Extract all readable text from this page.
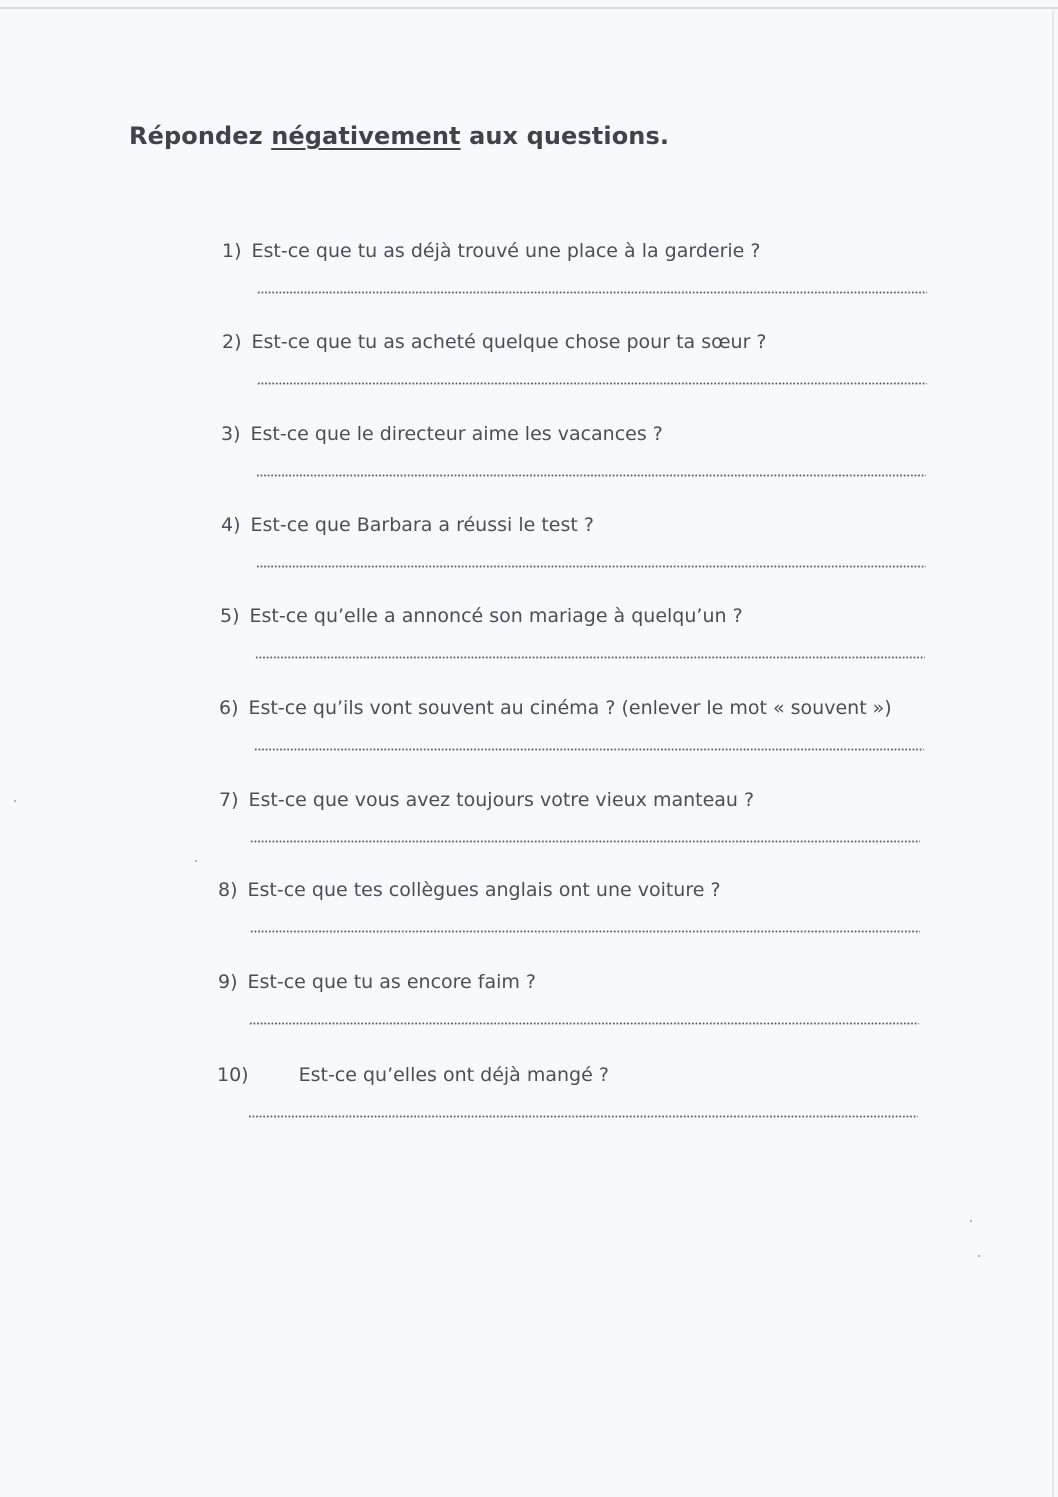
Répondez négativement aux questions.
1) Est-ce que tu as déjà trouvé une place à la garderie ?
2) Est-ce que tu as acheté quelque chose pour ta sœur ?
3) Est-ce que le directeur aime les vacances ?
4) Est-ce que Barbara a réussi le test ?
5) Est-ce qu’elle a annoncé son mariage à quelqu’un ?
6) Est-ce qu’ils vont souvent au cinéma ? (enlever le mot « souvent »)
7) Est-ce que vous avez toujours votre vieux manteau ?
8) Est-ce que tes collègues anglais ont une voiture ?
9) Est-ce que tu as encore faim ?
10)	Est-ce qu’elles ont déjà mangé ?
